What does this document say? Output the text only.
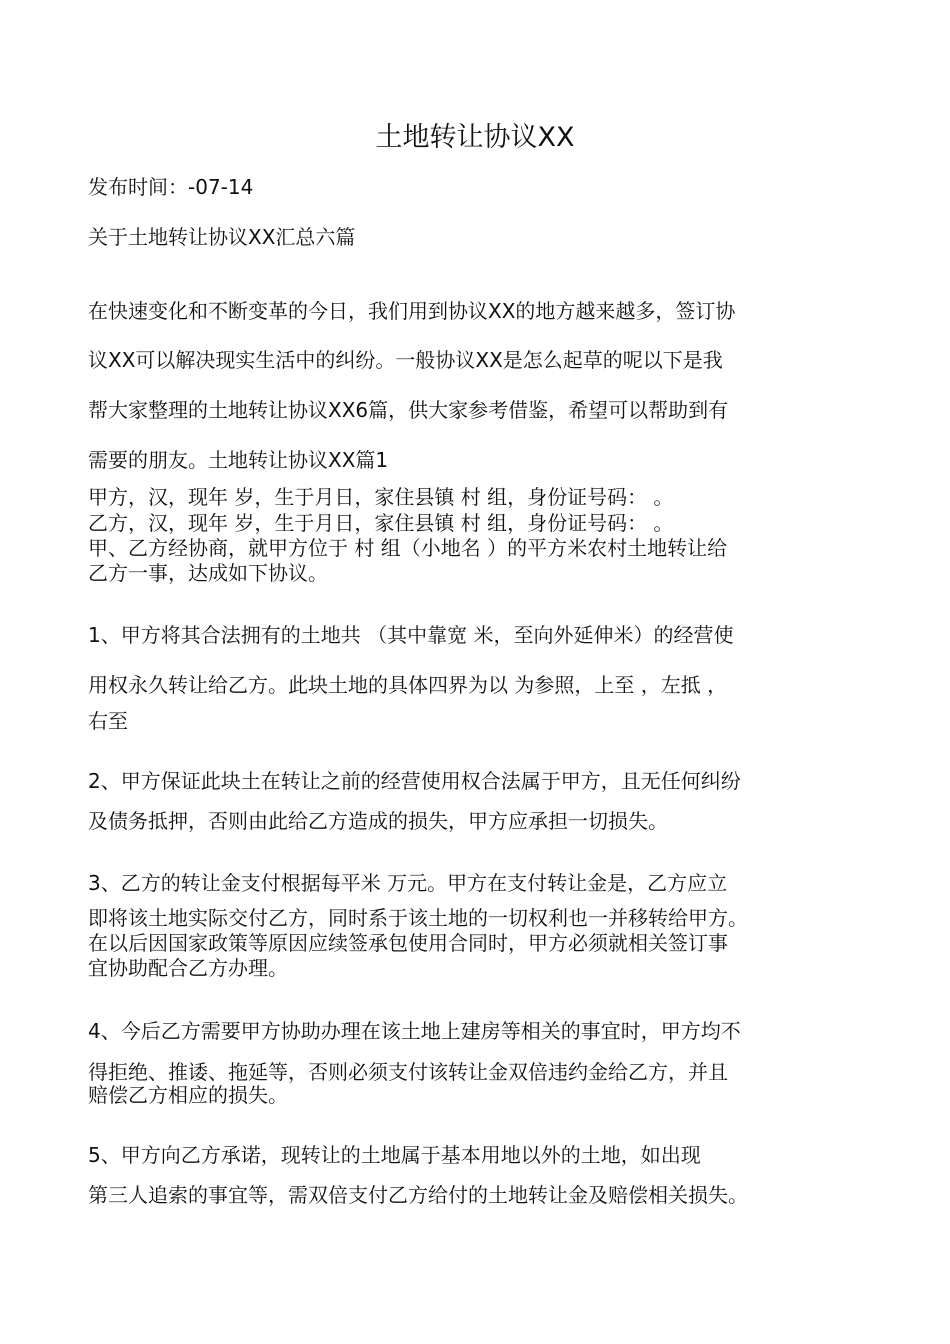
土地转让协议XX
发布时间：-07-14
关于土地转让协议XX汇总六篇
在快速变化和不断变革的今日，我们用到协议XX的地方越来越多，签订协
议XX可以解决现实生活中的纠纷。一般协议XX是怎么起草的呢以下是我
帮大家整理的土地转让协议XX6篇，供大家参考借鉴，希望可以帮助到有
需要的朋友。土地转让协议XX篇1
甲方，汉，现年 岁，生于月日，家住县镇 村 组，身份证号码： 。
乙方，汉，现年 岁，生于月日，家住县镇 村 组，身份证号码： 。
甲、乙方经协商，就甲方位于 村 组（小地名 ）的平方米农村土地转让给
乙方一事，达成如下协议。
1、甲方将其合法拥有的土地共 （其中靠宽 米，至向外延伸米）的经营使
用权永久转让给乙方。此块土地的具体四界为以 为参照，上至 ，左抵 ，
右至
2、甲方保证此块土在转让之前的经营使用权合法属于甲方，且无任何纠纷
及债务抵押，否则由此给乙方造成的损失，甲方应承担一切损失。
3、乙方的转让金支付根据每平米 万元。甲方在支付转让金是，乙方应立
即将该土地实际交付乙方，同时系于该土地的一切权利也一并移转给甲方。
在以后因国家政策等原因应续签承包使用合同时，甲方必须就相关签订事
宜协助配合乙方办理。
4、今后乙方需要甲方协助办理在该土地上建房等相关的事宜时，甲方均不
得拒绝、推诿、拖延等，否则必须支付该转让金双倍违约金给乙方，并且
赔偿乙方相应的损失。
5、甲方向乙方承诺，现转让的土地属于基本用地以外的土地，如出现
第三人追索的事宜等，需双倍支付乙方给付的土地转让金及赔偿相关损失。
